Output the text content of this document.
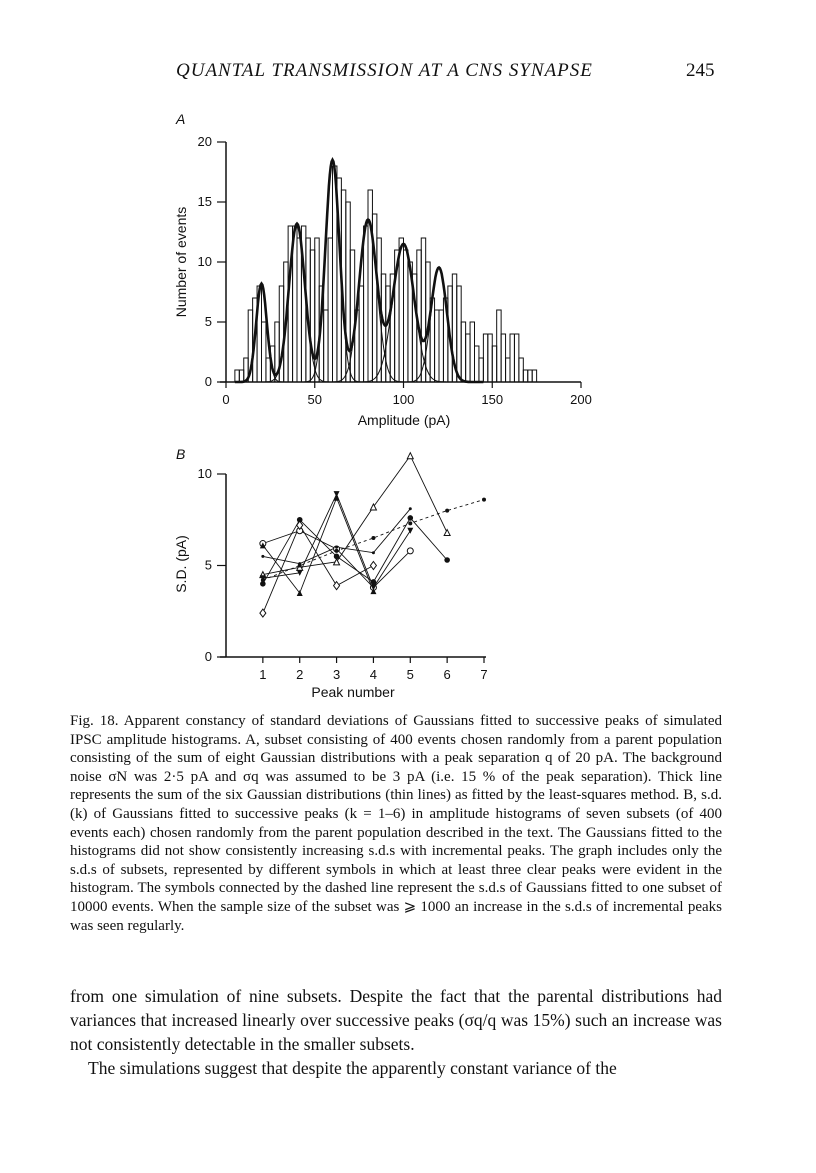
QUANTAL TRANSMISSION AT A CNS SYNAPSE	245
A
0	50	100	150	200
0
5
10
15
20
Number of events
Amplitude (pA)
B
1 2 3 4 5 6 7
0
5
10
S.D. (pA)
Peak number
Fig. 18. Apparent constancy of standard deviations of Gaussians fitted to successive peaks of simulated IPSC amplitude histograms. A, subset consisting of 400 events chosen randomly from a parent population consisting of the sum of eight Gaussian distributions with a peak separation q of 20 pA. The background noise σN was 2·5 pA and σq was assumed to be 3 pA (i.e. 15 % of the peak separation). Thick line represents the sum of the six Gaussian distributions (thin lines) as fitted by the least-squares method. B, s.d. (k) of Gaussians fitted to successive peaks (k = 1–6) in amplitude histograms of seven subsets (of 400 events each) chosen randomly from the parent population described in the text. The Gaussians fitted to the histograms did not show consistently increasing s.d.s with incremental peaks. The graph includes only the s.d.s of subsets, represented by different symbols in which at least three clear peaks were evident in the histogram. The symbols connected by the dashed line represent the s.d.s of Gaussians fitted to one subset of 10000 events. When the sample size of the subset was ⩾ 1000 an increase in the s.d.s of incremental peaks was seen regularly.

from one simulation of nine subsets. Despite the fact that the parental distributions had variances that increased linearly over successive peaks (σq/q was 15%) such an increase was not consistently detectable in the smaller subsets.

The simulations suggest that despite the apparently constant variance of the
